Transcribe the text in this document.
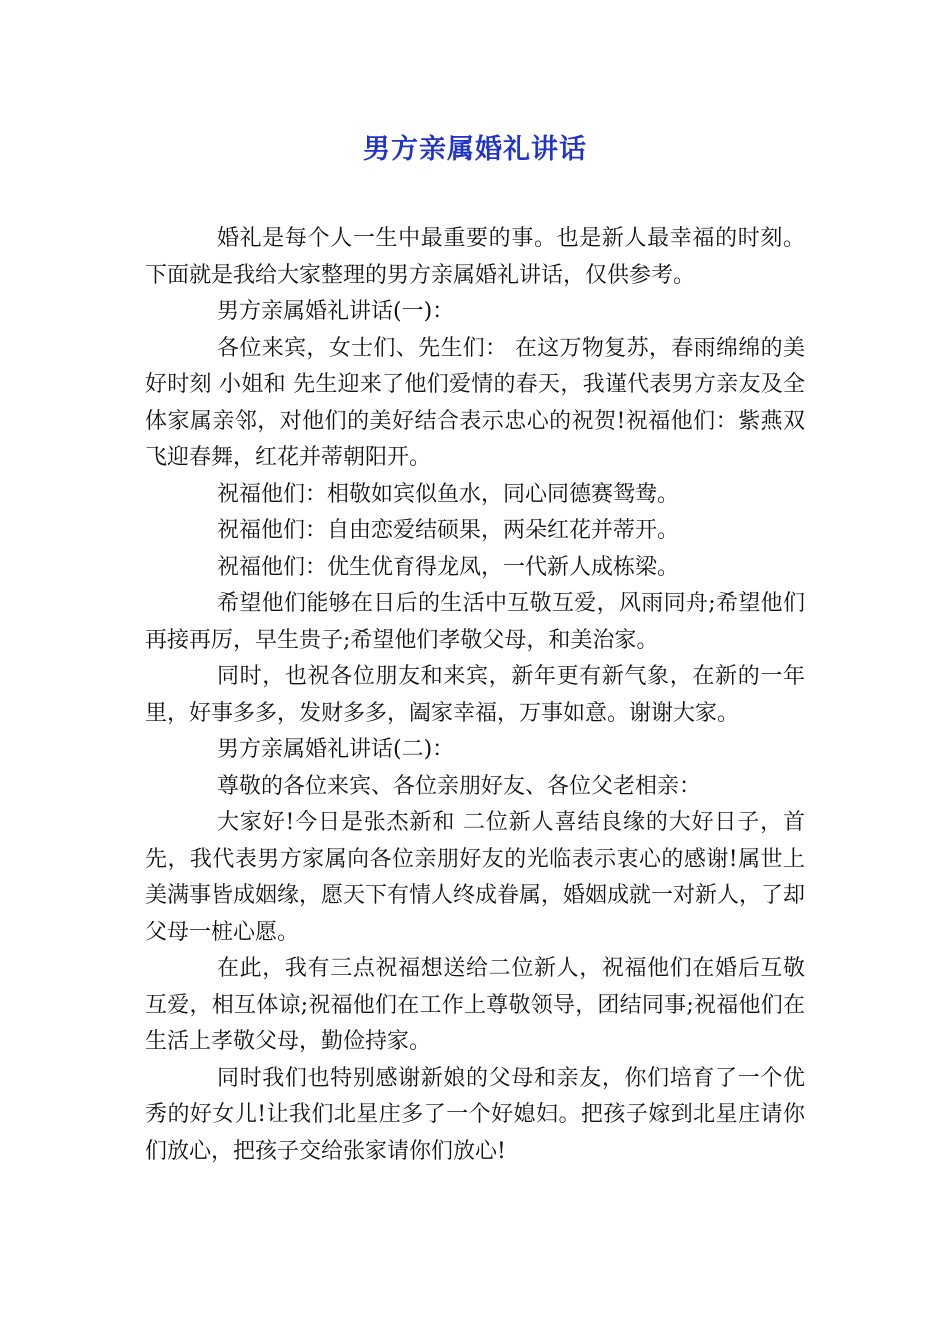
男方亲属婚礼讲话

婚礼是每个人一生中最重要的事。也是新人最幸福的时刻。下面就是我给大家整理的男方亲属婚礼讲话，仅供参考。

男方亲属婚礼讲话(一)：

各位来宾，女士们、先生们： 在这万物复苏，春雨绵绵的美好时刻 小姐和 先生迎来了他们爱情的春天，我谨代表男方亲友及全体家属亲邻，对他们的美好结合表示忠心的祝贺!祝福他们：紫燕双飞迎春舞，红花并蒂朝阳开。

祝福他们：相敬如宾似鱼水，同心同德赛鸳鸯。

祝福他们：自由恋爱结硕果，两朵红花并蒂开。

祝福他们：优生优育得龙凤，一代新人成栋梁。

希望他们能够在日后的生活中互敬互爱，风雨同舟;希望他们再接再厉，早生贵子;希望他们孝敬父母，和美治家。

同时，也祝各位朋友和来宾，新年更有新气象，在新的一年里，好事多多，发财多多，阖家幸福，万事如意。谢谢大家。

男方亲属婚礼讲话(二)：

尊敬的各位来宾、各位亲朋好友、各位父老相亲：

大家好!今日是张杰新和 二位新人喜结良缘的大好日子，首先，我代表男方家属向各位亲朋好友的光临表示衷心的感谢!属世上美满事皆成姻缘，愿天下有情人终成眷属，婚姻成就一对新人，了却父母一桩心愿。

在此，我有三点祝福想送给二位新人，祝福他们在婚后互敬互爱，相互体谅;祝福他们在工作上尊敬领导，团结同事;祝福他们在生活上孝敬父母，勤俭持家。

同时我们也特别感谢新娘的父母和亲友，你们培育了一个优秀的好女儿!让我们北星庄多了一个好媳妇。把孩子嫁到北星庄请你们放心，把孩子交给张家请你们放心!
